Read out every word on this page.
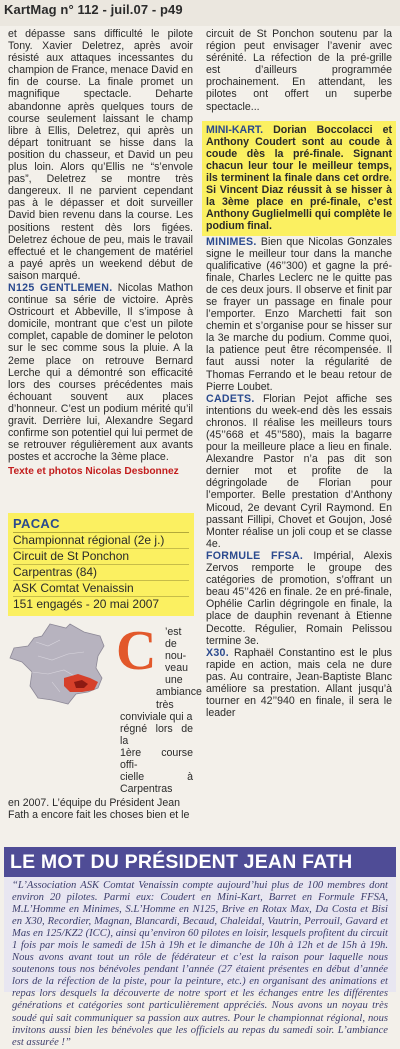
KartMag n° 112 - juil.07 - p49

et dépasse sans difficulté le pilote Tony. Xavier Deletrez, après avoir résisté aux attaques incessantes du champion de France, menace David en fin de course. La finale promet un magnifique spectacle. Deharte abandonne après quelques tours de course seulement laissant le champ libre à Ellis, Deletrez, qui après un départ tonitruant se hisse dans la position du chasseur, et David un peu plus loin. Alors qu’Ellis ne “s’envole pas”, Deletrez se montre très dangereux. Il ne parvient cependant pas à le dépasser et doit surveiller David bien revenu dans la course. Les positions restent dès lors figées. Deletrez échoue de peu, mais le travail effectué et le changement de matériel a payé après un weekend début de saison marqué.

N125 GENTLEMEN. Nicolas Mathon continue sa série de victoire. Après Ostricourt et Abbeville, Il s’impose à domicile, montrant que c’est un pilote complet, capable de dominer le peloton sur le sec comme sous la pluie. A la 2eme place on retrouve Bernard Lerche qui a démontré son efficacité lors des courses précédentes mais échouant souvent aux places d’honneur. C’est un podium mérité qu’il gravit. Derrière lui, Alexandre Segard confirme son potentiel qui lui permet de se retrouver régulièrement aux avants postes et accroche la 3ème place.

Texte et photos Nicolas Desbonnez
PACAC
Championnat régional (2e j.)
Circuit de St Ponchon
Carpentras (84)
ASK Comtat Venaissin
151 engagés - 20 mai 2007
C ’est de nou-
veau une
ambiance très
conviviale qui a
régné lors de la
1ère course offi-
cielle à Carpentras
en 2007. L’équipe du Président Jean
Fath a encore fait les choses bien et le

circuit de St Ponchon soutenu par la région peut envisager l’avenir avec sérénité. La réfection de la pré-grille est d’ailleurs programmée prochainement. En attendant, les pilotes ont offert un superbe spectacle...

MINI-KART. Dorian Boccolacci et Anthony Coudert sont au coude à coude dès la pré-finale. Signant chacun leur tour le meilleur temps, ils terminent la finale dans cet ordre. Si Vincent Diaz réussit à se hisser à la 3ème place en pré-finale, c’est Anthony Guglielmelli qui complète le podium final.

MINIMES. Bien que Nicolas Gonzales signe le meilleur tour dans la manche qualificative (46’’300) et gagne la pré-finale, Charles Leclerc ne le quitte pas de ces deux jours. Il observe et finit par se frayer un passage en finale pour l’emporter. Enzo Marchetti fait son chemin et s’organise pour se hisser sur la 3e marche du podium. Comme quoi, la patience peut être récompensée. Il faut aussi noter la régularité de Thomas Ferrando et le beau retour de Pierre Loubet.

CADETS. Florian Pejot affiche ses intentions du week-end dès les essais chronos. Il réalise les meilleurs tours (45’’668 et 45’’580), mais la bagarre pour la meilleure place a lieu en finale. Alexandre Pastor n’a pas dit son dernier mot et profite de la dégringolade de Florian pour l’emporter. Belle prestation d’Anthony Micoud, 2e devant Cyril Raymond. En passant Fillipi, Chovet et Goujon, José Monter réalise un joli coup et se classe 4e.

FORMULE FFSA. Impérial, Alexis Zervos remporte le groupe des catégories de promotion, s’offrant un beau 45’’426 en finale. 2e en pré-finale, Ophélie Carlin dégringole en finale, la place de dauphin revenant à Etienne Decotte. Régulier, Romain Pelissou termine 3e.

X30. Raphaël Constantino est le plus rapide en action, mais cela ne dure pas. Au contraire, Jean-Baptiste Blanc améliore sa prestation. Allant jusqu’à tourner en 42’’940 en finale, il sera le leader

LE MOT DU PRÉSIDENT JEAN FATH
“L’Association ASK Comtat Venaissin compte aujourd’hui plus de 100 membres dont environ 20 pilotes. Parmi eux: Coudert en Mini-Kart, Barret en Formule FFSA, M.L’Homme en Minimes, S.L’Homme en N125, Brive en Rotax Max, Da Costa et Bisi en X30, Recordier, Magnan, Blancardi, Becaud, Chaleidal, Vautrin, Perrouil, Gavard et Mas en 125/KZ2 (ICC), ainsi qu’environ 60 pilotes en loisir, lesquels profitent du circuit 1 fois par mois le samedi de 15h à 19h et le dimanche de 10h à 12h et de 15h à 19h. Nous avons avant tout un rôle de fédérateur et c’est la raison pour laquelle nous soutenons tous nos bénévoles pendant l’année (27 étaient présentes en début d’année lors de la réfection de la piste, pour la peinture, etc.) en organisant des animations et repas lors desquels la découverte de notre sport et les échanges entre les différentes générations et catégories sont particulièrement appréciés. Nous avons un noyau très soudé qui sait communiquer sa passion aux autres. Pour le championnat régional, nous invitons aussi bien les bénévoles que les officiels au repas du samedi soir. L’ambiance est assurée !”
